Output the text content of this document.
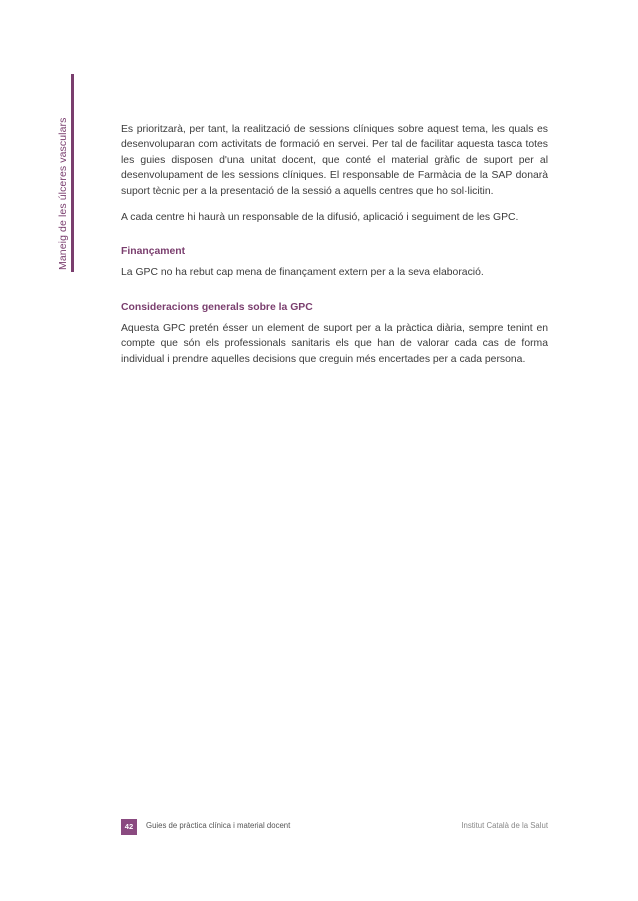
Maneig de les úlceres vasculars	Es prioritzarà, per tant, la realització de sessions clíniques sobre aquest tema, les quals es desenvoluparan com activitats de formació en servei. Per tal de facilitar aquesta tasca totes les guies disposen d'una unitat docent, que conté el material gràfic de suport per al desenvolupament de les sessions clíniques. El responsable de Farmàcia de la SAP donarà suport tècnic per a la presentació de la sessió a aquells centres que ho sol·licitin.

A cada centre hi haurà un responsable de la difusió, aplicació i seguiment de les GPC.

Finançament

La GPC no ha rebut cap mena de finançament extern per a la seva elaboració.

Consideracions generals sobre la GPC

Aquesta GPC pretén ésser un element de suport per a la pràctica diària, sempre tenint en compte que són els professionals sanitaris els que han de valorar cada cas de forma individual i prendre aquelles decisions que creguin més encertades per a cada persona.

42	Guies de pràctica clínica i material docent	Institut Català de la Salut
